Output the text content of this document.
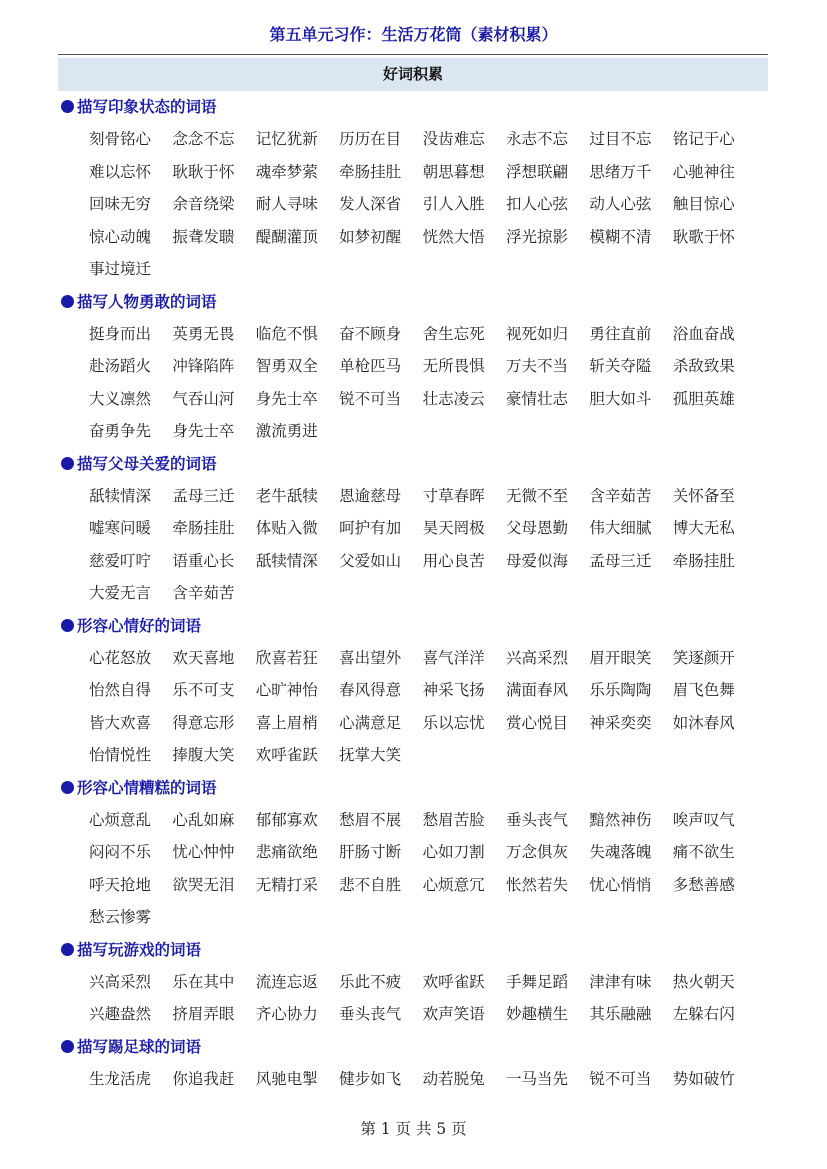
第五单元习作：生活万花筒（素材积累）
好词积累
描写印象状态的词语
刻骨铭心	念念不忘	记忆犹新	历历在目	没齿难忘	永志不忘	过目不忘	铭记于心
难以忘怀	耿耿于怀	魂牵梦萦	牵肠挂肚	朝思暮想	浮想联翩	思绪万千	心驰神往
回味无穷	余音绕梁	耐人寻味	发人深省	引人入胜	扣人心弦	动人心弦	触目惊心
惊心动魄	振聋发聩	醍醐灌顶	如梦初醒	恍然大悟	浮光掠影	模糊不清	耿歌于怀
事过境迁
描写人物勇敢的词语
挺身而出	英勇无畏	临危不惧	奋不顾身	舍生忘死	视死如归	勇往直前	浴血奋战
赴汤蹈火	冲锋陷阵	智勇双全	单枪匹马	无所畏惧	万夫不当	斩关夺隘	杀敌致果
大义凛然	气吞山河	身先士卒	锐不可当	壮志凌云	豪情壮志	胆大如斗	孤胆英雄
奋勇争先	身先士卒	激流勇进
描写父母关爱的词语
舐犊情深	孟母三迁	老牛舐犊	恩逾慈母	寸草春晖	无微不至	含辛茹苦	关怀备至
嘘寒问暖	牵肠挂肚	体贴入微	呵护有加	昊天罔极	父母恩勤	伟大细腻	博大无私
慈爱叮咛	语重心长	舐犊情深	父爱如山	用心良苦	母爱似海	孟母三迁	牵肠挂肚
大爱无言	含辛茹苦
形容心情好的词语
心花怒放	欢天喜地	欣喜若狂	喜出望外	喜气洋洋	兴高采烈	眉开眼笑	笑逐颜开
怡然自得	乐不可支	心旷神怡	春风得意	神采飞扬	满面春风	乐乐陶陶	眉飞色舞
皆大欢喜	得意忘形	喜上眉梢	心满意足	乐以忘忧	赏心悦目	神采奕奕	如沐春风
怡情悦性	捧腹大笑	欢呼雀跃	抚掌大笑
形容心情糟糕的词语
心烦意乱	心乱如麻	郁郁寡欢	愁眉不展	愁眉苦脸	垂头丧气	黯然神伤	唉声叹气
闷闷不乐	忧心忡忡	悲痛欲绝	肝肠寸断	心如刀割	万念俱灰	失魂落魄	痛不欲生
呼天抢地	欲哭无泪	无精打采	悲不自胜	心烦意冗	怅然若失	忧心悄悄	多愁善感
愁云惨雾
描写玩游戏的词语
兴高采烈	乐在其中	流连忘返	乐此不疲	欢呼雀跃	手舞足蹈	津津有味	热火朝天
兴趣盎然	挤眉弄眼	齐心协力	垂头丧气	欢声笑语	妙趣横生	其乐融融	左躲右闪
描写踢足球的词语
生龙活虎	你追我赶	风驰电掣	健步如飞	动若脱兔	一马当先	锐不可当	势如破竹
第 1 页 共 5 页
